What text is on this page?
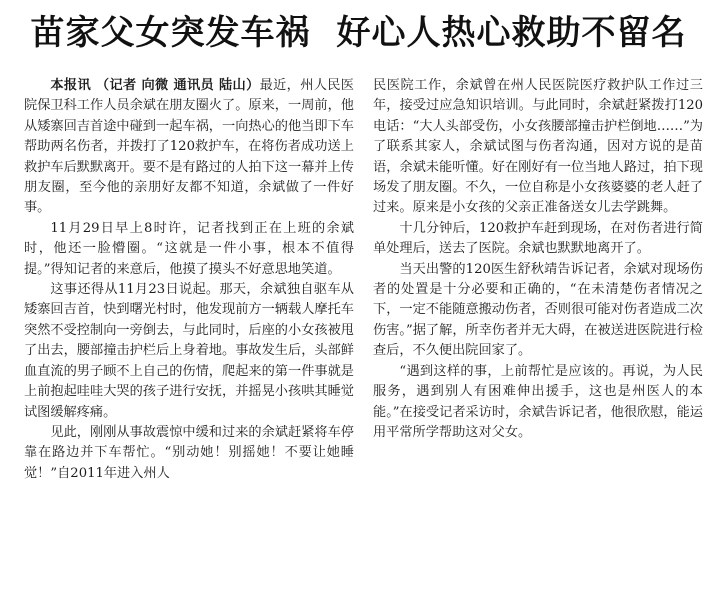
苗家父女突发车祸 好心人热心救助不留名

本报讯 （记者 向微 通讯员 陆山）最近，州人民医院保卫科工作人员余斌在朋友圈火了。原来，一周前，他从矮寨回吉首途中碰到一起车祸，一向热心的他当即下车帮助两名伤者，并拨打了120救护车，在将伤者成功送上救护车后默默离开。要不是有路过的人拍下这一幕并上传朋友圈，至今他的亲朋好友都不知道，余斌做了一件好事。

11月29日早上8时许，记者找到正在上班的余斌时，他还一脸懵圈。“这就是一件小事，根本不值得提。”得知记者的来意后，他摸了摸头不好意思地笑道。

这事还得从11月23日说起。那天，余斌独自驱车从矮寨回吉首，快到曙光村时，他发现前方一辆载人摩托车突然不受控制向一旁倒去，与此同时，后座的小女孩被甩了出去，腰部撞击护栏后上身着地。事故发生后，头部鲜血直流的男子顾不上自己的伤情，爬起来的第一件事就是上前抱起哇哇大哭的孩子进行安抚，并摇晃小孩哄其睡觉试图缓解疼痛。

见此，刚刚从事故震惊中缓和过来的余斌赶紧将车停靠在路边并下车帮忙。“别动她！别摇她！不要让她睡觉！”自2011年进入州人

民医院工作，余斌曾在州人民医院医疗救护队工作过三年，接受过应急知识培训。与此同时，余斌赶紧拨打120电话：“大人头部受伤，小女孩腰部撞击护栏倒地……”为了联系其家人，余斌试图与伤者沟通，因对方说的是苗语，余斌未能听懂。好在刚好有一位当地人路过，拍下现场发了朋友圈。不久，一位自称是小女孩婆婆的老人赶了过来。原来是小女孩的父亲正准备送女儿去学跳舞。

十几分钟后，120救护车赶到现场，在对伤者进行简单处理后，送去了医院。余斌也默默地离开了。

当天出警的120医生舒秋靖告诉记者，余斌对现场伤者的处置是十分必要和正确的，“在未清楚伤者情况之下，一定不能随意搬动伤者，否则很可能对伤者造成二次伤害。”据了解，所幸伤者并无大碍，在被送进医院进行检查后，不久便出院回家了。

“遇到这样的事，上前帮忙是应该的。再说，为人民服务，遇到别人有困难伸出援手，这也是州医人的本能。”在接受记者采访时，余斌告诉记者，他很欣慰，能运用平常所学帮助这对父女。
